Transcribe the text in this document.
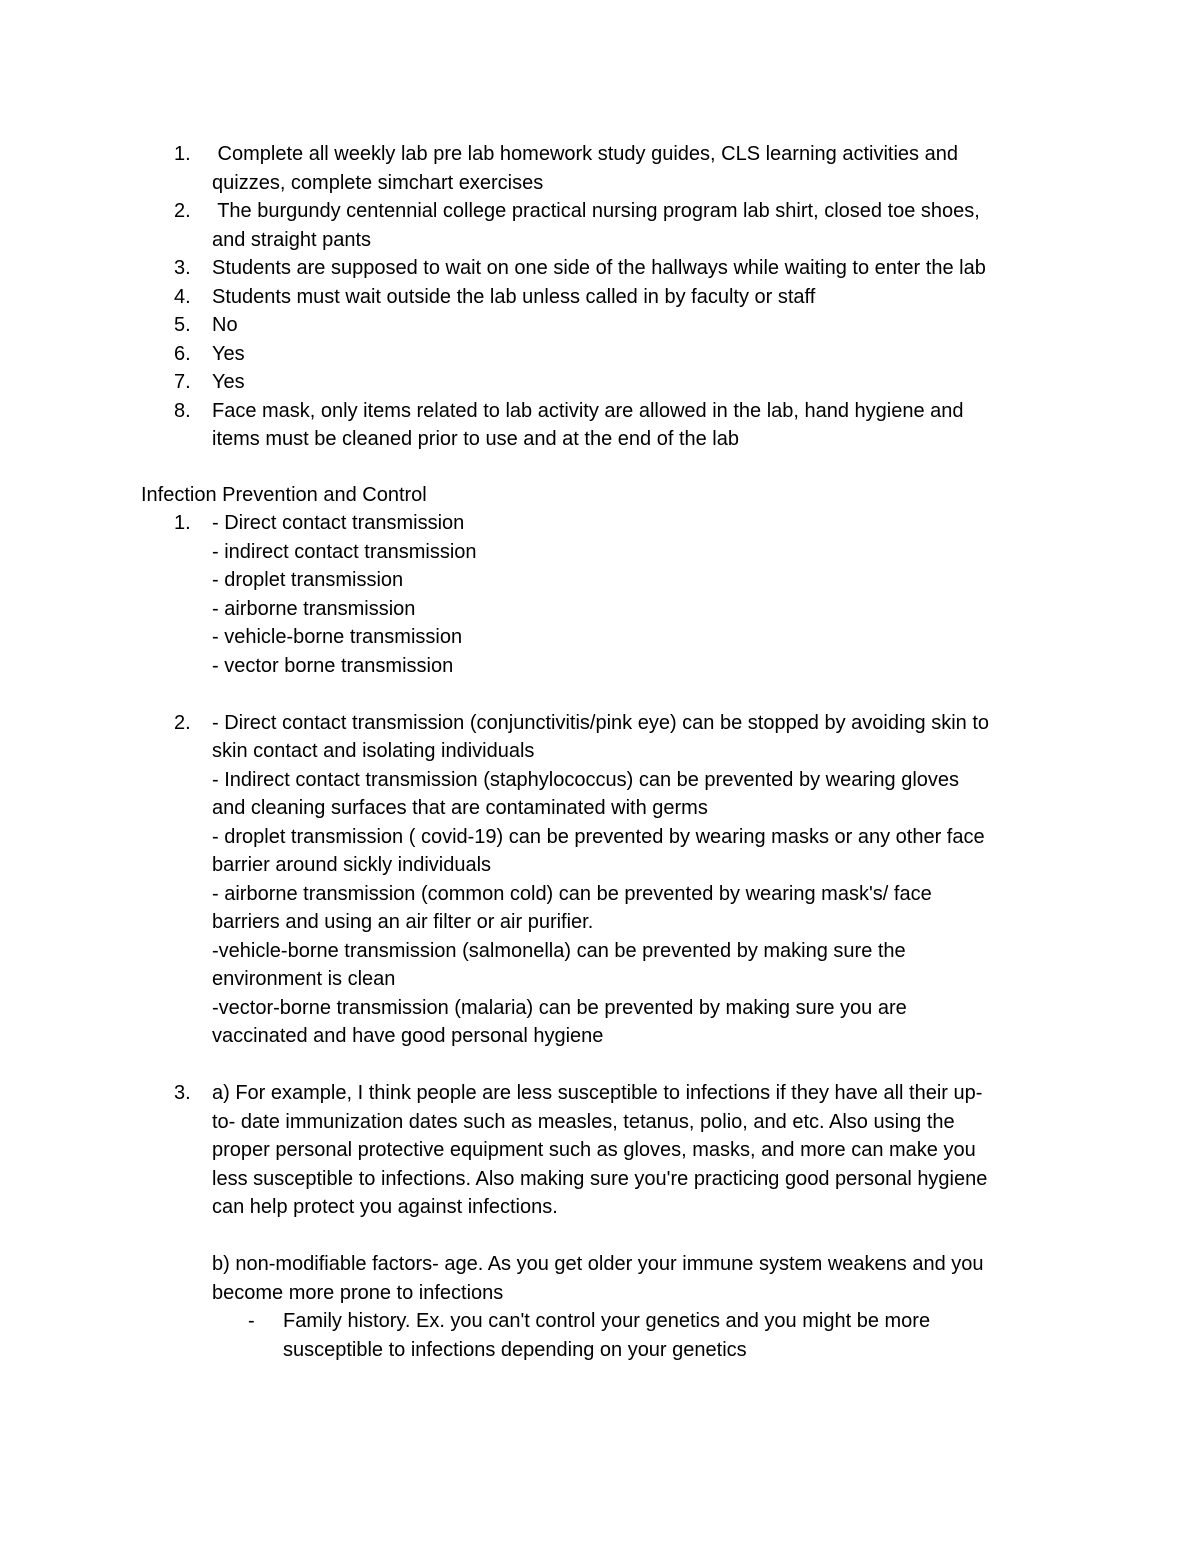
1.	Complete all weekly lab pre lab homework study guides, CLS learning activities and
quizzes, complete simchart exercises
2.	The burgundy centennial college practical nursing program lab shirt, closed toe shoes,
and straight pants
3.	Students are supposed to wait on one side of the hallways while waiting to enter the lab
4.	Students must wait outside the lab unless called in by faculty or staff
5.	No
6.	Yes
7.	Yes
8.	Face mask, only items related to lab activity are allowed in the lab, hand hygiene and
items must be cleaned prior to use and at the end of the lab
Infection Prevention and Control
1.	- Direct contact transmission
- indirect contact transmission
- droplet transmission
- airborne transmission
- vehicle-borne transmission
- vector borne transmission
2.	- Direct contact transmission (conjunctivitis/pink eye) can be stopped by avoiding skin to
skin contact and isolating individuals
- Indirect contact transmission (staphylococcus) can be prevented by wearing gloves
and cleaning surfaces that are contaminated with germs
- droplet transmission ( covid-19) can be prevented by wearing masks or any other face
barrier around sickly individuals
- airborne transmission (common cold) can be prevented by wearing mask's/ face
barriers and using an air filter or air purifier.
-vehicle-borne transmission (salmonella) can be prevented by making sure the
environment is clean
-vector-borne transmission (malaria) can be prevented by making sure you are
vaccinated and have good personal hygiene
3.	a) For example, I think people are less susceptible to infections if they have all their up-
to- date immunization dates such as measles, tetanus, polio, and etc. Also using the
proper personal protective equipment such as gloves, masks, and more can make you
less susceptible to infections. Also making sure you're practicing good personal hygiene
can help protect you against infections.
b) non-modifiable factors- age. As you get older your immune system weakens and you
become more prone to infections
- Family history. Ex. you can't control your genetics and you might be more
susceptible to infections depending on your genetics
